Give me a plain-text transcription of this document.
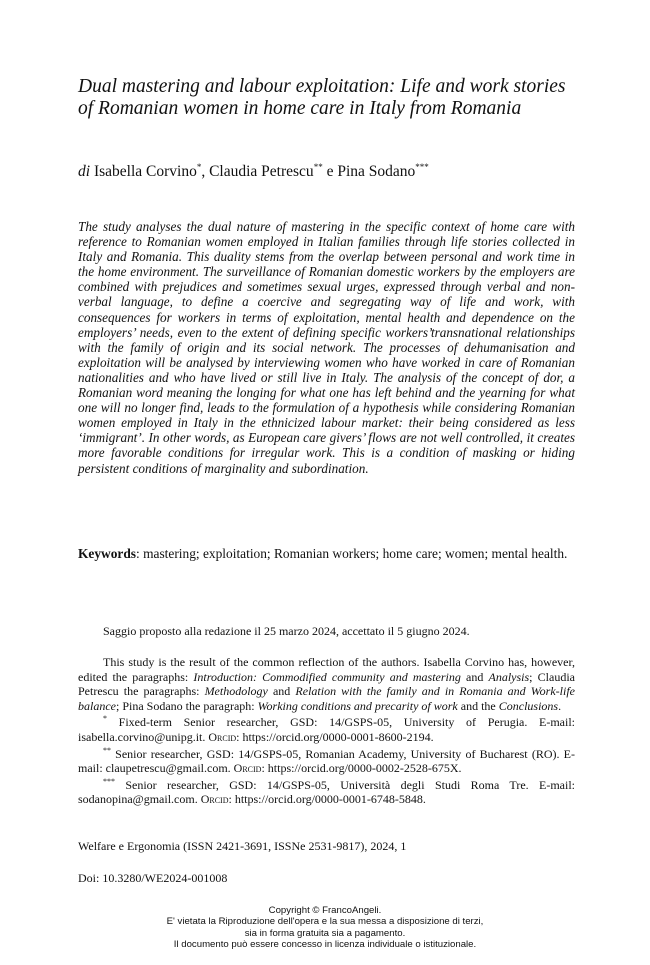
Dual mastering and labour exploitation: Life and work stories of Romanian women in home care in Italy from Romania
di Isabella Corvino*, Claudia Petrescu** e Pina Sodano***
The study analyses the dual nature of mastering in the specific context of home care with reference to Romanian women employed in Italian families through life stories collected in Italy and Romania. This duality stems from the overlap between personal and work time in the home environment. The surveillance of Romanian domestic workers by the employers are combined with prejudices and sometimes sexual urges, expressed through verbal and non-verbal language, to define a coercive and segregating way of life and work, with consequences for workers in terms of exploitation, mental health and dependence on the employers’ needs, even to the extent of defining specific workers’transnational relationships with the family of origin and its social network. The processes of dehumanisation and exploitation will be analysed by interviewing women who have worked in care of Romanian nationalities and who have lived or still live in Italy. The analysis of the concept of dor, a Romanian word meaning the longing for what one has left behind and the yearning for what one will no longer find, leads to the formulation of a hypothesis while considering Romanian women employed in Italy in the ethnicized labour market: their being considered as less ‘immigrant’. In other words, as European care givers’ flows are not well controlled, it creates more favorable conditions for irregular work. This is a condition of masking or hiding persistent conditions of marginality and subordination.
Keywords: mastering; exploitation; Romanian workers; home care; women; mental health.
Saggio proposto alla redazione il 25 marzo 2024, accettato il 5 giugno 2024.

This study is the result of the common reflection of the authors. Isabella Corvino has, however, edited the paragraphs: Introduction: Commodified community and mastering and Analysis; Claudia Petrescu the paragraphs: Methodology and Relation with the family and in Romania and Work-life balance; Pina Sodano the paragraph: Working conditions and precarity of work and the Conclusions.

* Fixed-term Senior researcher, GSD: 14/GSPS-05, University of Perugia. E-mail: isabella.corvino@unipg.it. Orcid: https://orcid.org/0000-0001-8600-2194.

** Senior researcher, GSD: 14/GSPS-05, Romanian Academy, University of Bucharest (RO). E-mail: claupetrescu@gmail.com. Orcid: https://orcid.org/0000-0002-2528-675X.

*** Senior researcher, GSD: 14/GSPS-05, Università degli Studi Roma Tre. E-mail: sodanopina@gmail.com. Orcid: https://orcid.org/0000-0001-6748-5848.

Welfare e Ergonomia (ISSN 2421-3691, ISSNe 2531-9817), 2024, 1
Doi: 10.3280/WE2024-001008
Copyright © FrancoAngeli.
E' vietata la Riproduzione dell'opera e la sua messa a disposizione di terzi,
sia in forma gratuita sia a pagamento.
Il documento può essere concesso in licenza individuale o istituzionale.
